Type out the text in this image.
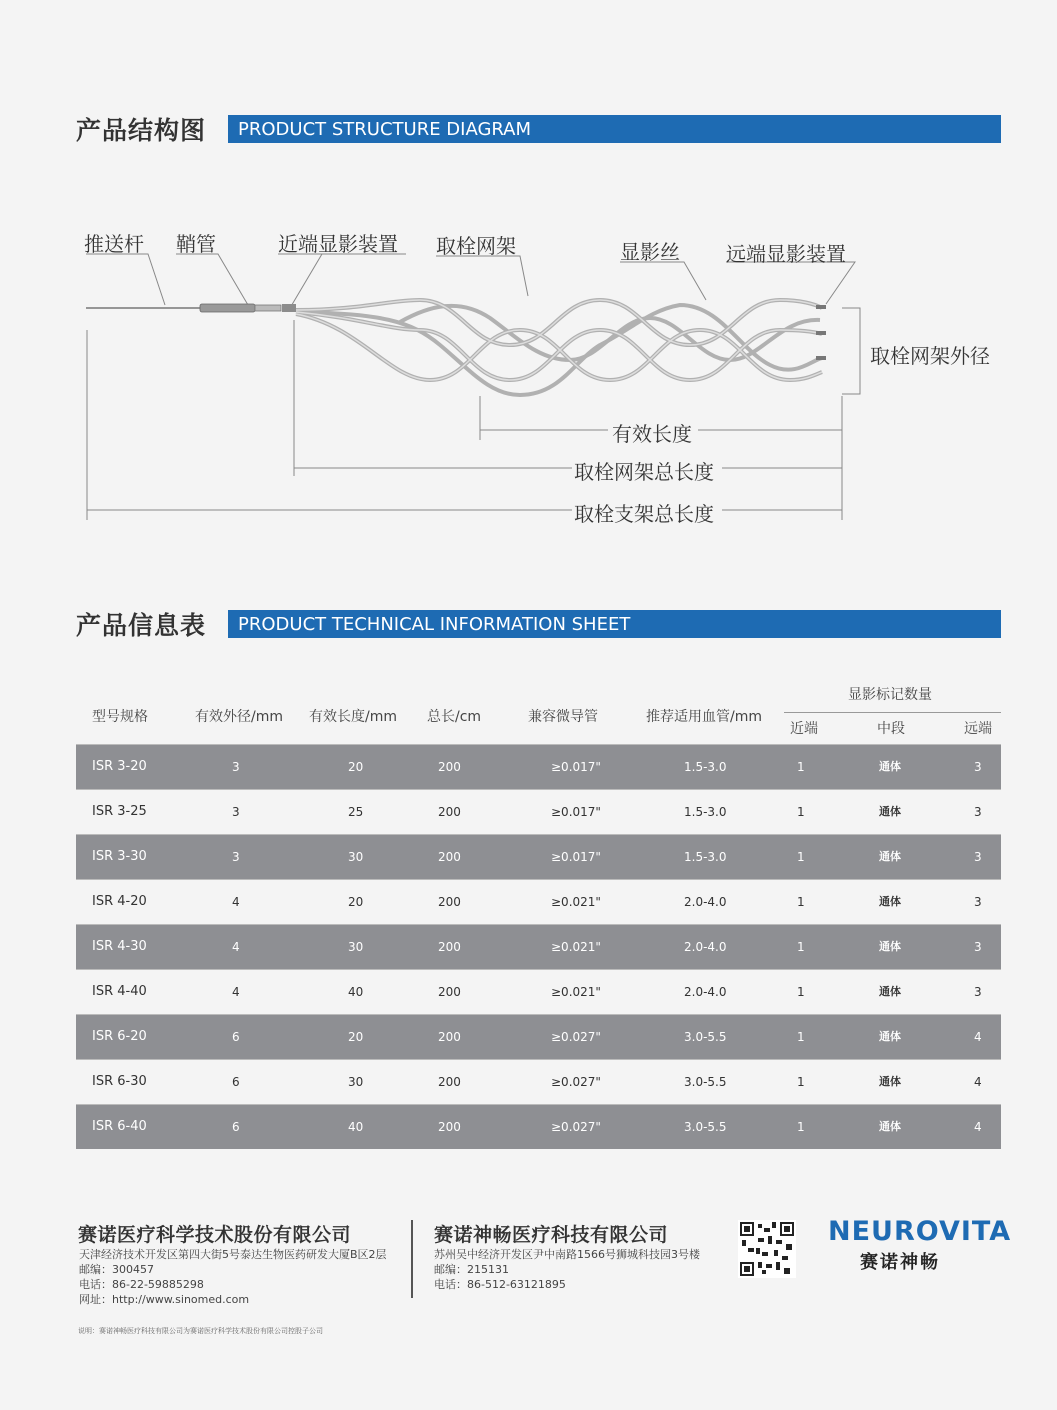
产品结构图	PRODUCT STRUCTURE DIAGRAM
推送杆 鞘管	近端显影装置 取栓网架	显影丝 远端显影装置
取栓网架外径
有效长度
取栓网架总长度
取栓支架总长度
产品信息表	PRODUCT TECHNICAL INFORMATION SHEET
型号规格	有效外径/mm 有效长度/mm 总长/cm	兼容微导管	推荐适用血管/mm
显影标记数量
近端	中段	远端
ISR 3-20	3	20	200	≥0.017"	1.5-3.0	1	通体	3
ISR 3-25	3	25	200	≥0.017"	1.5-3.0	1	通体	3
ISR 3-30	3	30	200	≥0.017"	1.5-3.0	1	通体	3
ISR 4-20	4	20	200	≥0.021"	2.0-4.0	1	通体	3
ISR 4-30	4	30	200	≥0.021"	2.0-4.0	1	通体	3
ISR 4-40	4	40	200	≥0.021"	2.0-4.0	1	通体	3
ISR 6-20	6	20	200	≥0.027"	3.0-5.5	1	通体	4
ISR 6-30	6	30	200	≥0.027"	3.0-5.5	1	通体	4
ISR 6-40	6	40	200	≥0.027"	3.0-5.5	1	通体	4
赛诺医疗科学技术股份有限公司
天津经济技术开发区第四大街5号泰达生物医药研发大厦B区2层
邮编：300457
电话：86-22-59885298
网址：http://www.sinomed.com
赛诺神畅医疗科技有限公司
苏州吴中经济开发区尹中南路1566号狮城科技园3号楼
邮编：215131
电话：86-512-63121895
NEUROVITA
赛诺神畅
说明：赛诺神畅医疗科技有限公司为赛诺医疗科学技术股份有限公司控股子公司
